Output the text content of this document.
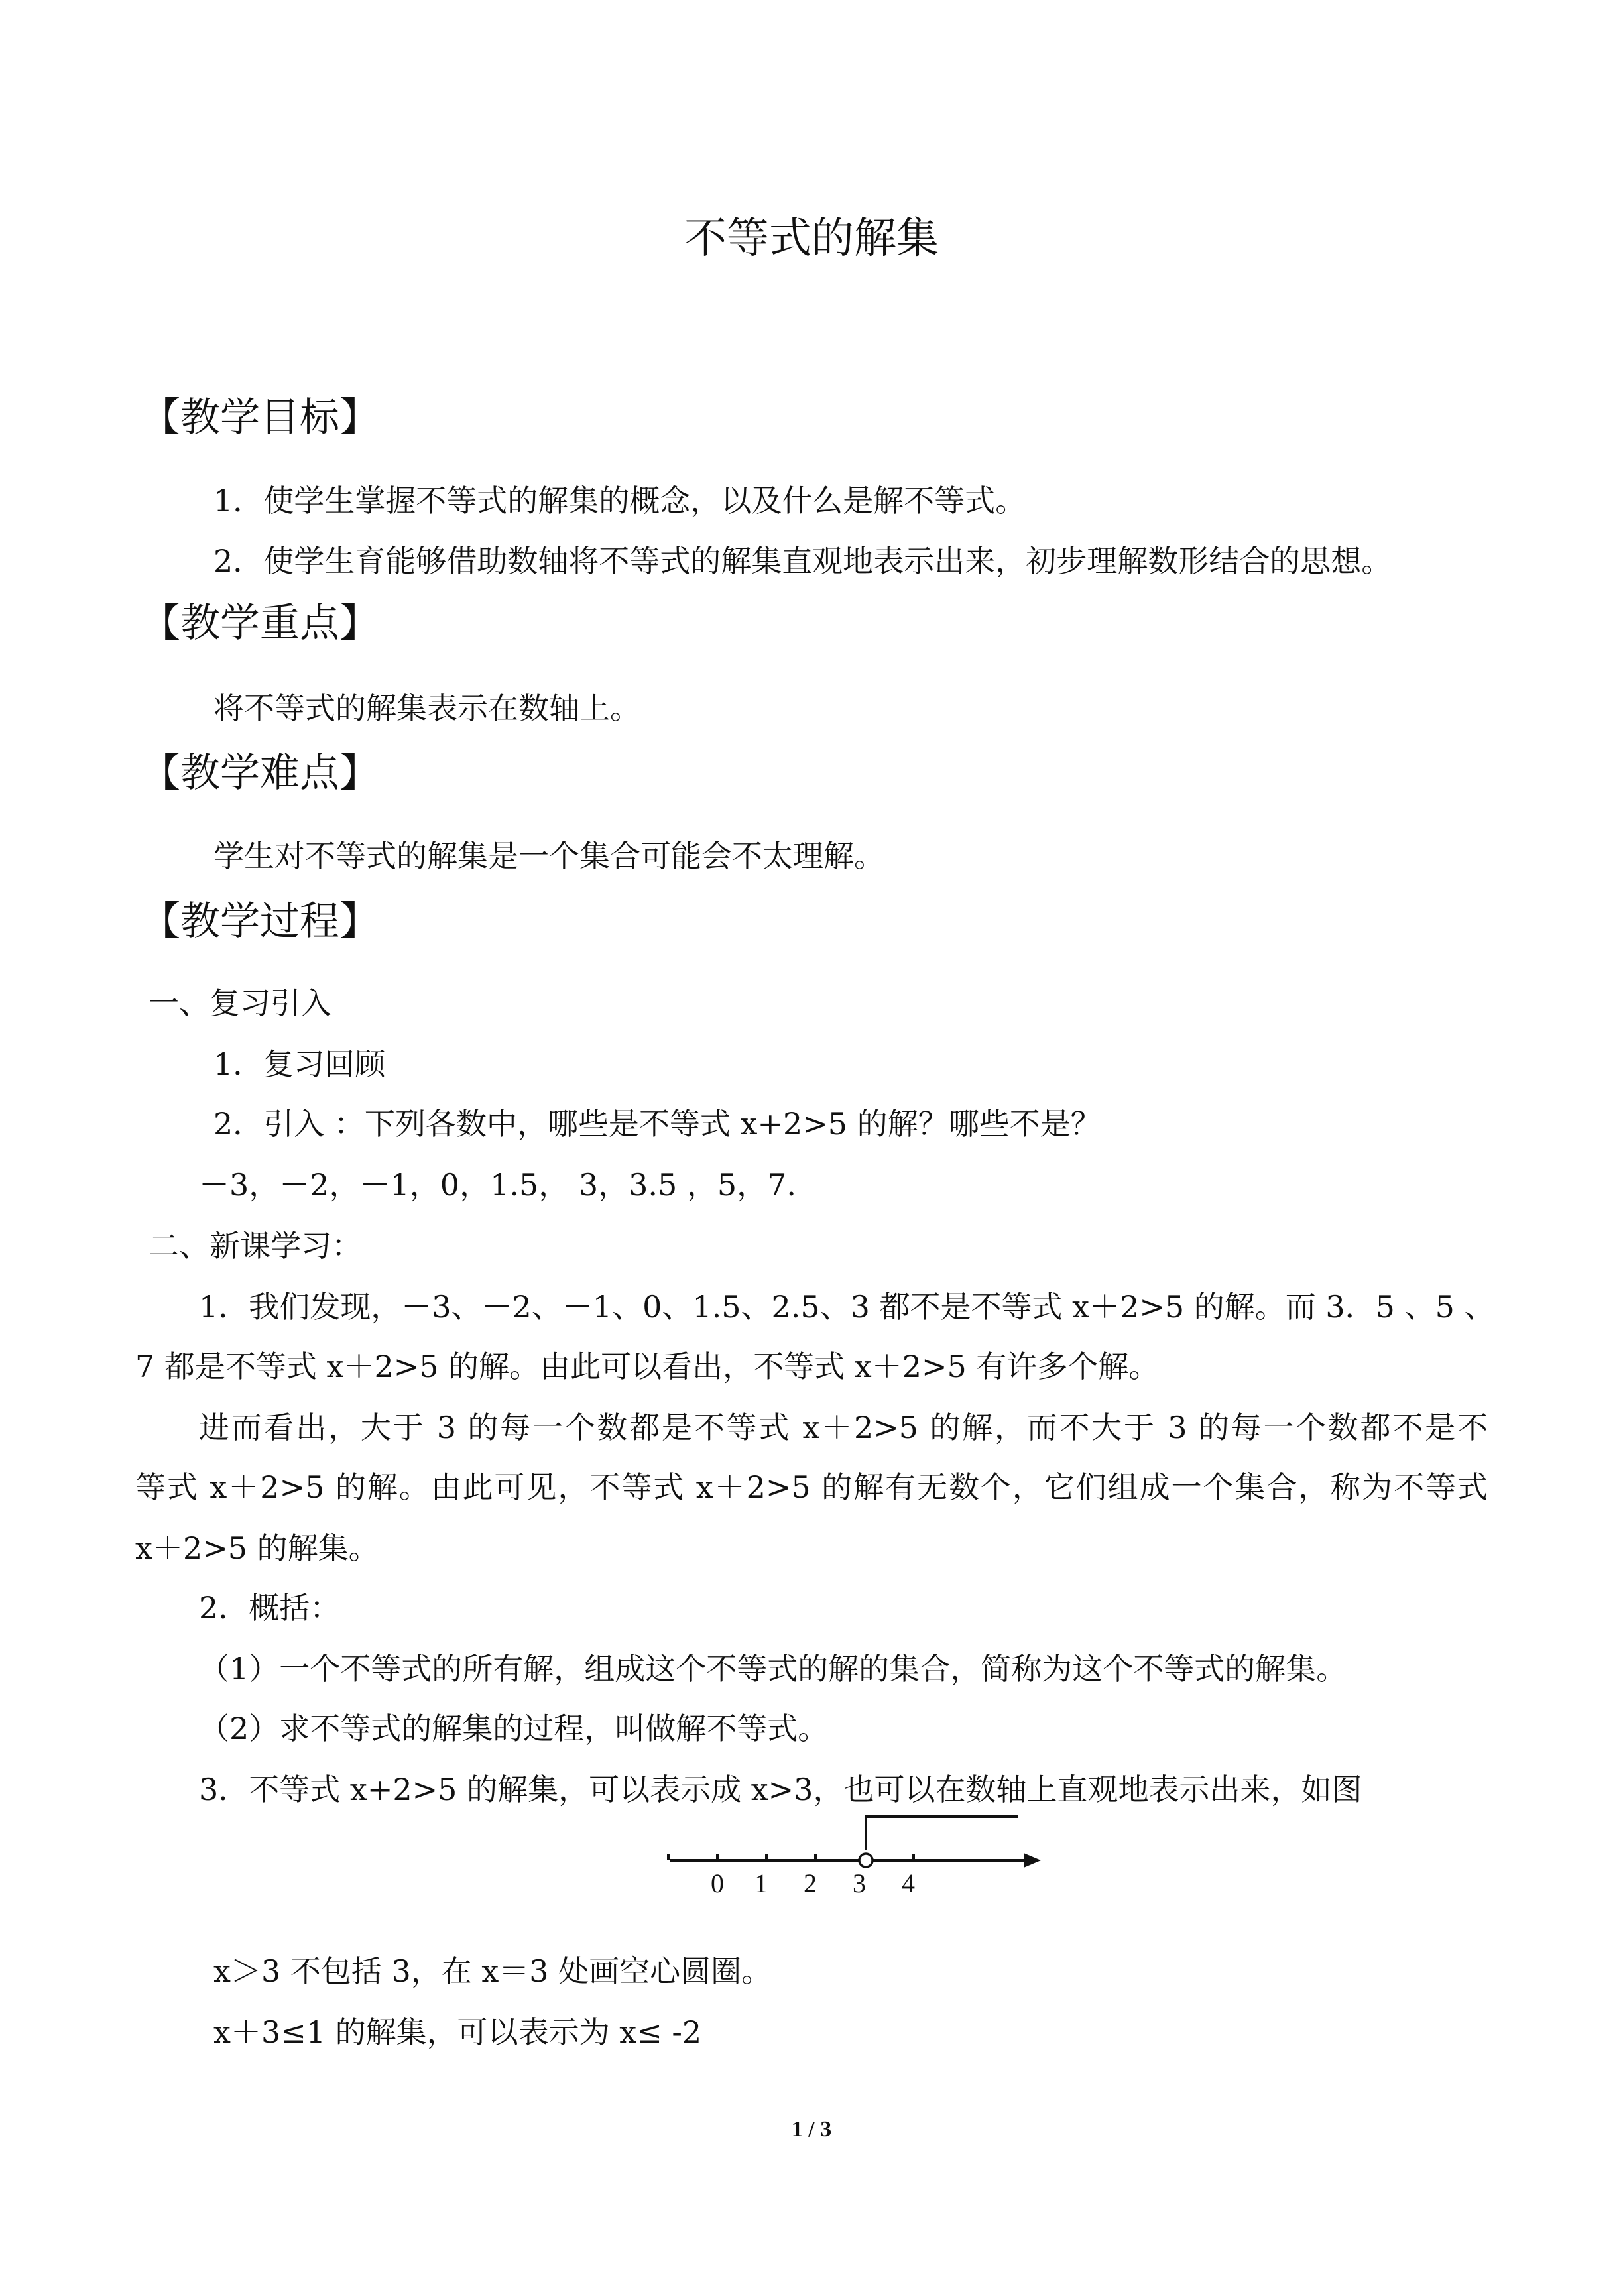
不等式的解集
【教学目标】
1．使学生掌握不等式的解集的概念，以及什么是解不等式。
2．使学生育能够借助数轴将不等式的解集直观地表示出来，初步理解数形结合的思想。
【教学重点】
将不等式的解集表示在数轴上。
【教学难点】
学生对不等式的解集是一个集合可能会不太理解。
【教学过程】
一、复习引入
1．复习回顾
2．引入 ：下列各数中，哪些是不等式 x+2>5 的解？哪些不是？
－3，－2，－1，0，1.5， 3，3.5 ，5，7.
二、新课学习：
1．我们发现，－3、－2、－1、0、1.5、2.5、3 都不是不等式 x＋2>5 的解。而 3．5 、5 、
7 都是不等式 x＋2>5 的解。由此可以看出，不等式 x＋2>5 有许多个解。
进而看出，大于 3 的每一个数都是不等式 x＋2>5 的解，而不大于 3 的每一个数都不是不
等式 x＋2>5 的解。由此可见，不等式 x＋2>5 的解有无数个，它们组成一个集合，称为不等式
x＋2>5 的解集。
2．概括：
（1）一个不等式的所有解，组成这个不等式的解的集合，简称为这个不等式的解集。
（2）求不等式的解集的过程，叫做解不等式。
3．不等式 x+2>5 的解集，可以表示成 x>3，也可以在数轴上直观地表示出来，如图
0 1 2 3 4
x＞3 不包括 3，在 x＝3 处画空心圆圈。
x＋3≤1 的解集，可以表示为 x≤ -2
1 / 3
